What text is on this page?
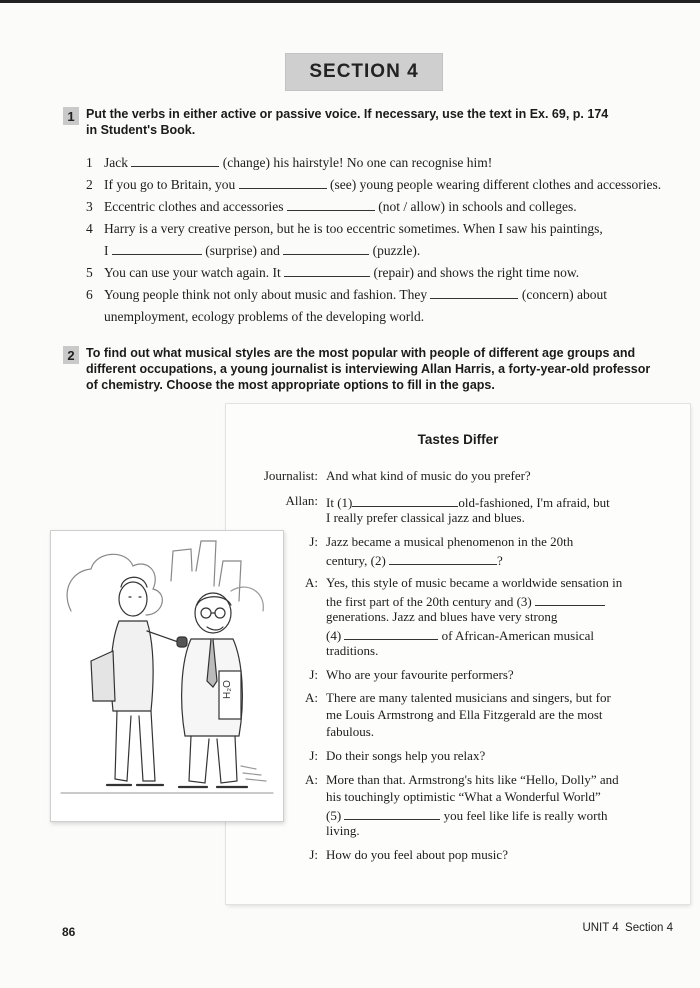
SECTION 4
1 Put the verbs in either active or passive voice. If necessary, use the text in Ex. 69, p. 174
in Student's Book.
1 Jack	(change) his hairstyle! No one can recognise him!
2 If you go to Britain, you	(see) young people wearing different clothes and accessories.
3 Eccentric clothes and accessories	(not / allow) in schools and colleges.
4 Harry is a very creative person, but he is too eccentric sometimes. When I saw his paintings,
I	(surprise) and	(puzzle).
5 You can use your watch again. It	(repair) and shows the right time now.
6 Young people think not only about music and fashion. They	(concern) about
unemployment, ecology problems of the developing world.
2 To find out what musical styles are the most popular with people of different age groups and
different occupations, a young journalist is interviewing Allan Harris, a forty-year-old professor
of chemistry. Choose the most appropriate options to fill in the gaps.
Tastes Differ
Journalist: And what kind of music do you prefer?
Allan: It (1)	old-fashioned, I'm afraid, but
I really prefer classical jazz and blues.
J: Jazz became a musical phenomenon in the 20th
century, (2)	?
A: Yes, this style of music became a worldwide sensation in
the first part of the 20th century and (3)
generations. Jazz and blues have very strong
(4)	of African-American musical
traditions.
J: Who are your favourite performers?
A: There are many talented musicians and singers, but for
me Louis Armstrong and Ella Fitzgerald are the most
fabulous.
J: Do their songs help you relax?
A: More than that. Armstrong's hits like “Hello, Dolly” and
his touchingly optimistic “What a Wonderful World”
(5)	you feel like life is really worth
living.
J: How do you feel about pop music?
H₂O
86	UNIT 4 Section 4
